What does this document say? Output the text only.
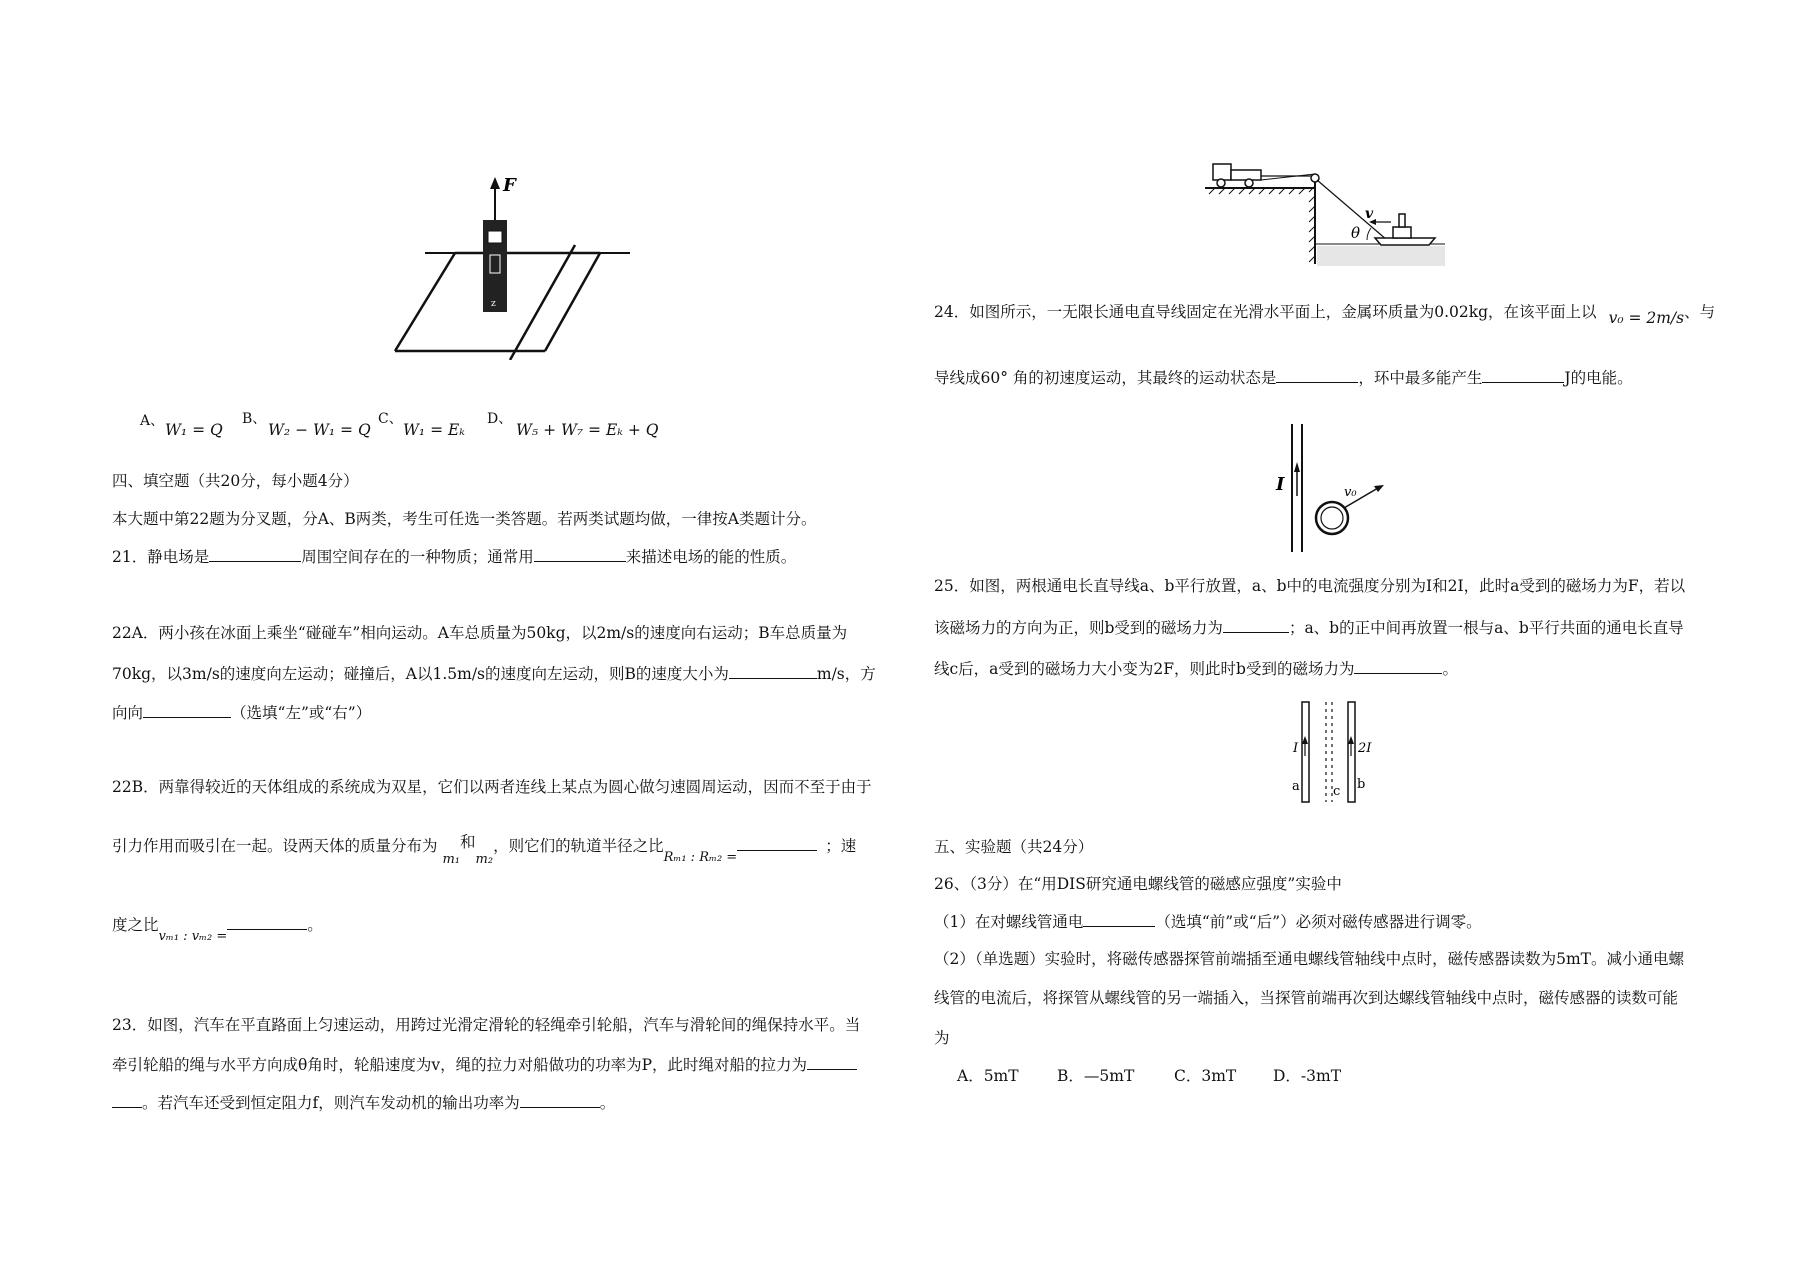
z
F
A、 W₁ = Q
B、
W₂ − W₁ = Q
C、
W₁ = Eₖ
D、
W₅ + W₇ = Eₖ + Q
四、填空题（共20分，每小题4分）
本大题中第22题为分叉题，分A、B两类，考生可任选一类答题。若两类试题均做，一律按A类题计分。
21．静电场是	周围空间存在的一种物质；通常用	来描述电场的能的性质。
22A．两小孩在冰面上乘坐“碰碰车”相向运动。A车总质量为50kg，以2m/s的速度向右运动；B车总质量为
70kg，以3m/s的速度向左运动；碰撞后，A以1.5m/s的速度向左运动，则B的速度大小为	m/s，方
向向	（选填“左”或“右”）
22B．两靠得较近的天体组成的系统成为双星，它们以两者连线上某点为圆心做匀速圆周运动，因而不至于由于
引力作用而吸引在一起。设两天体的质量分布为 $_{m_1}$和$_{m_2}$，则它们的轨道半径之比$_{R_{m1} : R_{m2} =}$；速
度之比$_{v_{m1} : v_{m2} =}$。
23．如图，汽车在平直路面上匀速运动，用跨过光滑定滑轮的轻绳牵引轮船，汽车与滑轮间的绳保持水平。当
牵引轮船的绳与水平方向成θ角时，轮船速度为v，绳的拉力对船做功的功率为P，此时绳对船的拉力为
。若汽车还受到恒定阻力f，则汽车发动机的输出功率为	。
v
θ
24．如图所示，一无限长通电直导线固定在光滑水平面上，金属环质量为0.02kg，在该平面上以 v₀ = 2m/s、与
导线成60° 角的初速度运动，其最终的运动状态是	，环中最多能产生	J的电能。
I	v₀
25．如图，两根通电长直导线a、b平行放置，a、b中的电流强度分别为I和2I，此时a受到的磁场力为F，若以
该磁场力的方向为正，则b受到的磁场力为	；a、b的正中间再放置一根与a、b平行共面的通电长直导
线c后，a受到的磁场力大小变为2F，则此时b受到的磁场力为	。
I	2I
a	c b
五、实验题（共24分）
26、（3分）在“用DIS研究通电螺线管的磁感应强度”实验中
（1）在对螺线管通电	（选填“前”或“后”）必须对磁传感器进行调零。
（2）（单选题）实验时，将磁传感器探管前端插至通电螺线管轴线中点时，磁传感器读数为5mT。减小通电螺
线管的电流后，将探管从螺线管的另一端插入，当探管前端再次到达螺线管轴线中点时，磁传感器的读数可能
为
A．5mT B．—5mT	C．3mT D．-3mT
